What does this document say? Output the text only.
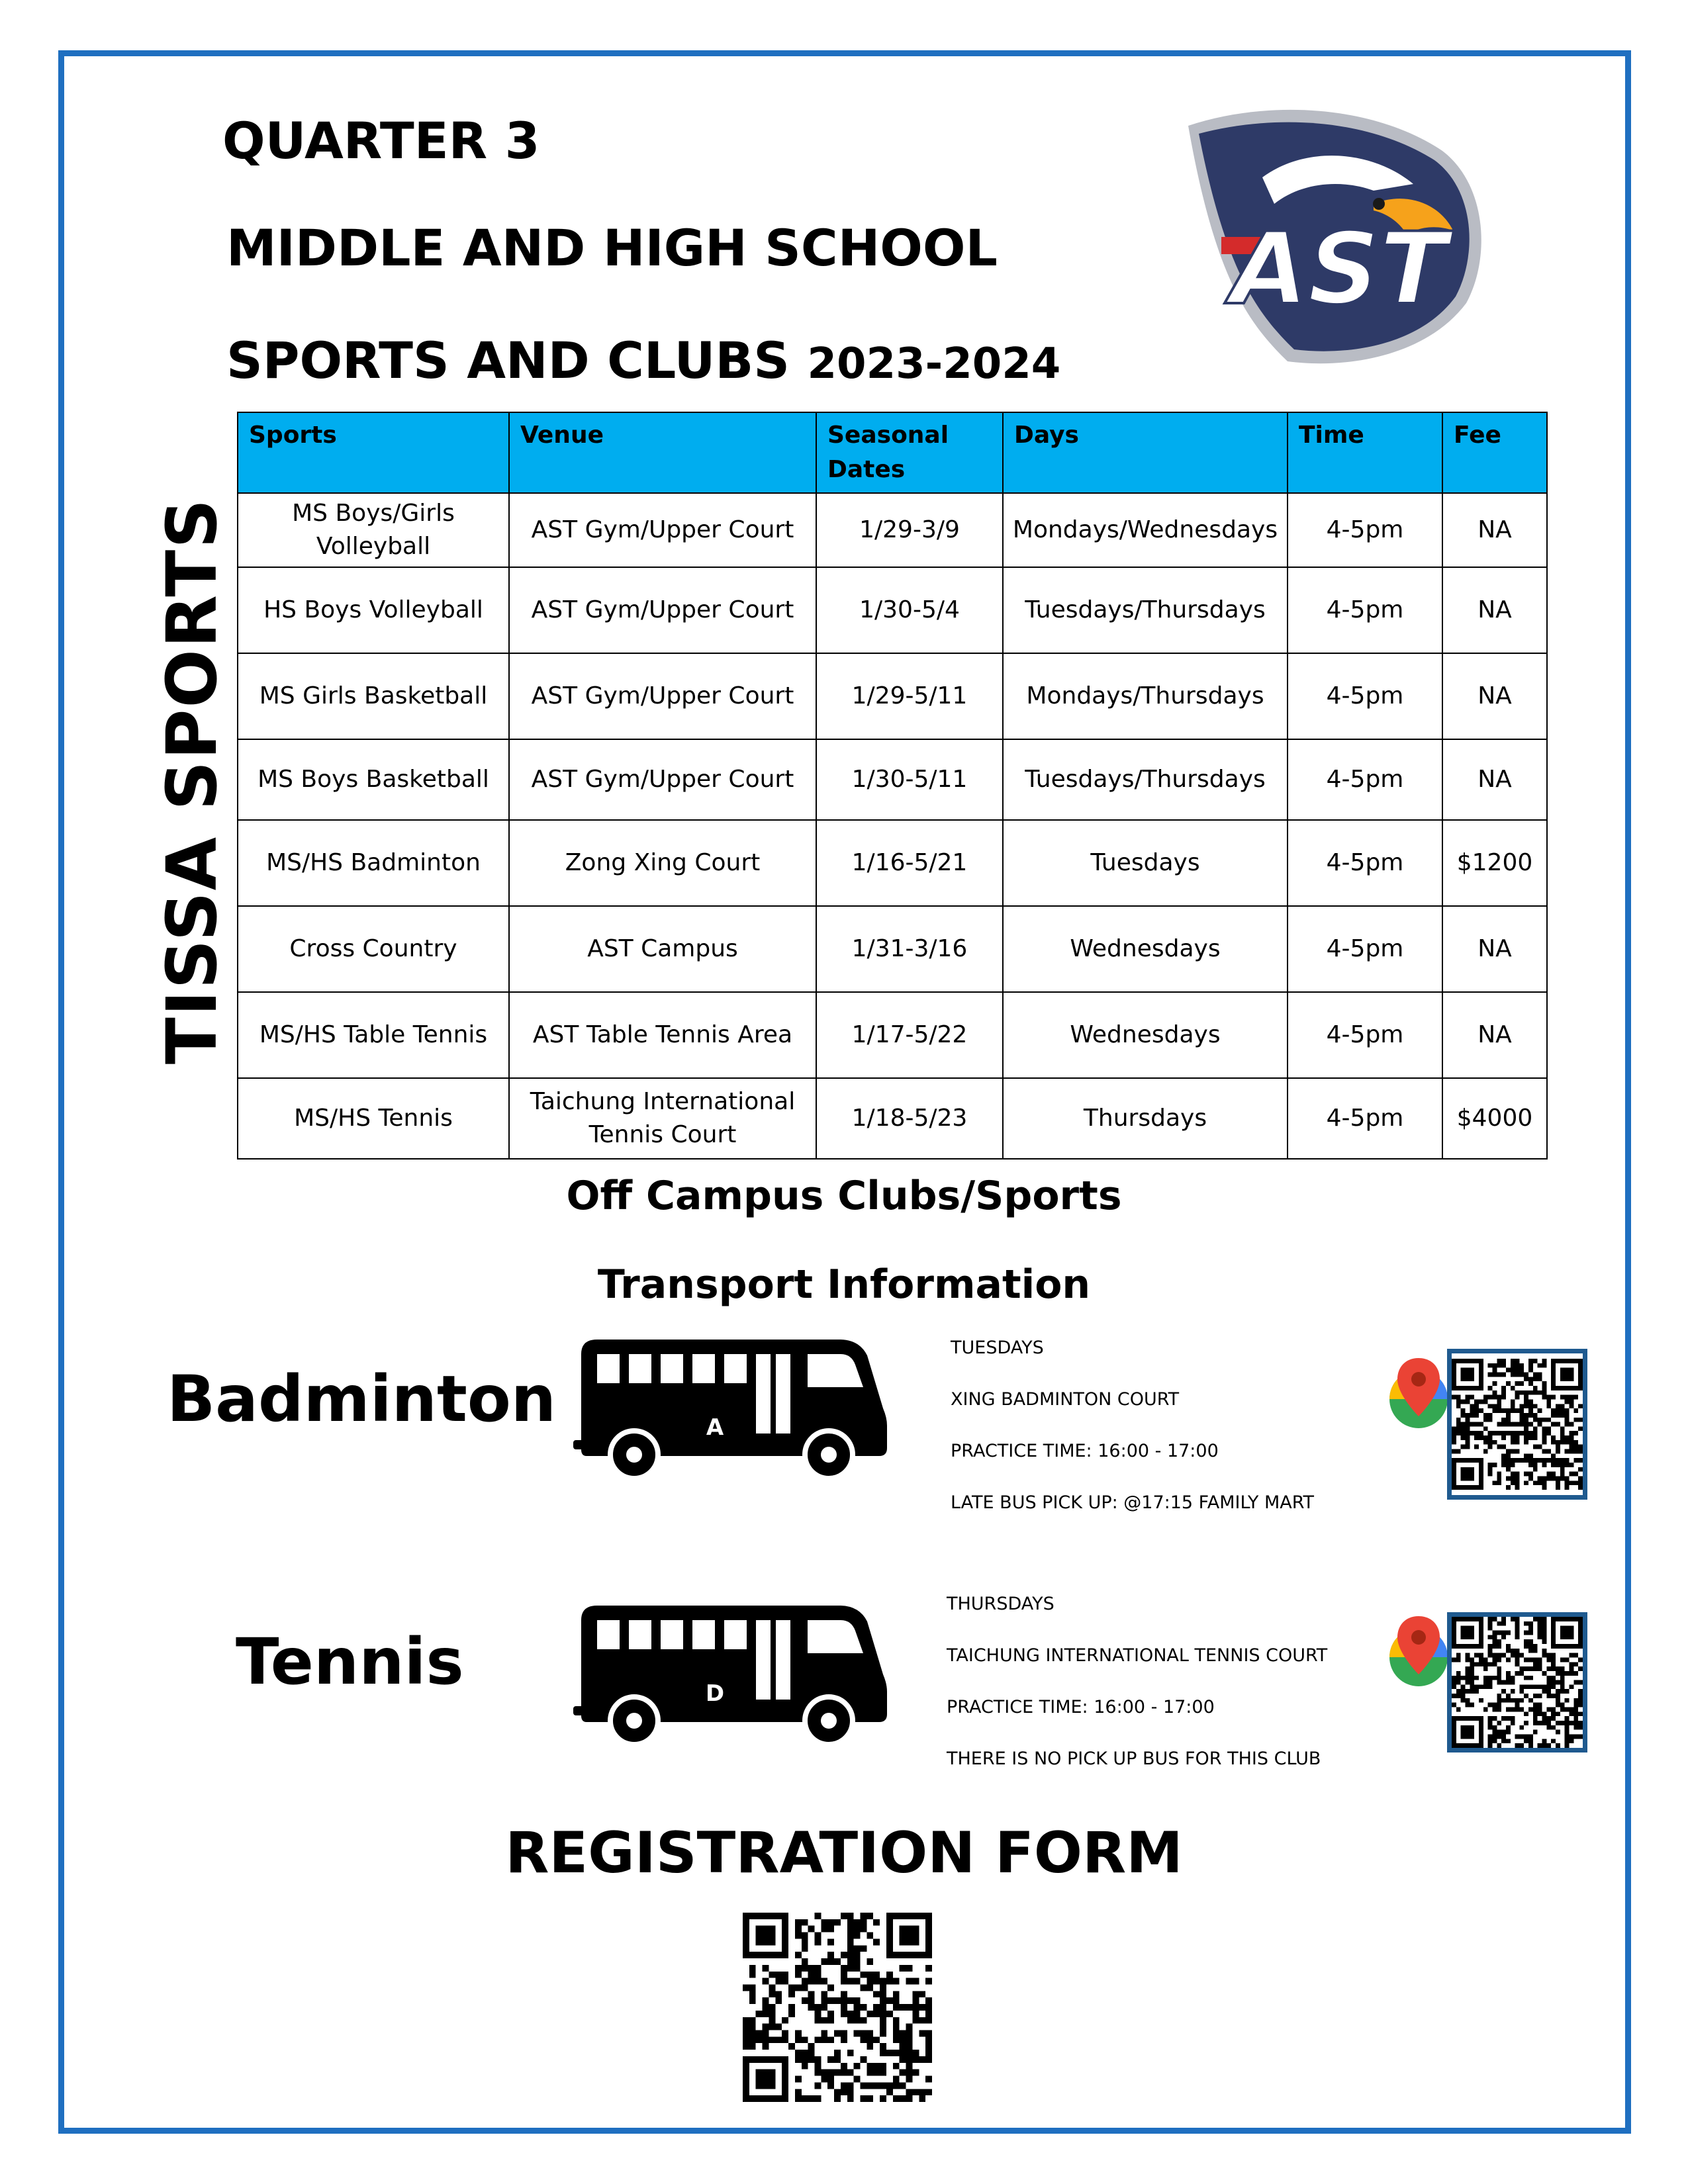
QUARTER 3
MIDDLE AND HIGH SCHOOL
SPORTS AND CLUBS 2023-2024
AST
TISSA SPORTS
Sports	Venue	Seasonal Dates	Days	Time	Fee
MS Boys/Girls Volleyball	AST Gym/Upper Court	1/29-3/9	Mondays/Wednesdays	4-5pm	NA
HS Boys Volleyball	AST Gym/Upper Court	1/30-5/4	Tuesdays/Thursdays	4-5pm	NA
MS Girls Basketball	AST Gym/Upper Court	1/29-5/11	Mondays/Thursdays	4-5pm	NA
MS Boys Basketball	AST Gym/Upper Court	1/30-5/11	Tuesdays/Thursdays	4-5pm	NA
MS/HS Badminton	Zong Xing Court	1/16-5/21	Tuesdays	4-5pm	$1200
Cross Country	AST Campus	1/31-3/16	Wednesdays	4-5pm	NA
MS/HS Table Tennis	AST Table Tennis Area	1/17-5/22	Wednesdays	4-5pm	NA
MS/HS Tennis	Taichung International Tennis Court	1/18-5/23	Thursdays	4-5pm	$4000
Off Campus Clubs/Sports
Transport Information
Badminton	A
TUESDAYS
XING BADMINTON COURT
PRACTICE TIME: 16:00 - 17:00
LATE BUS PICK UP: @17:15 FAMILY MART
Tennis	D
THURSDAYS
TAICHUNG INTERNATIONAL TENNIS COURT
PRACTICE TIME: 16:00 - 17:00
THERE IS NO PICK UP BUS FOR THIS CLUB
REGISTRATION FORM
